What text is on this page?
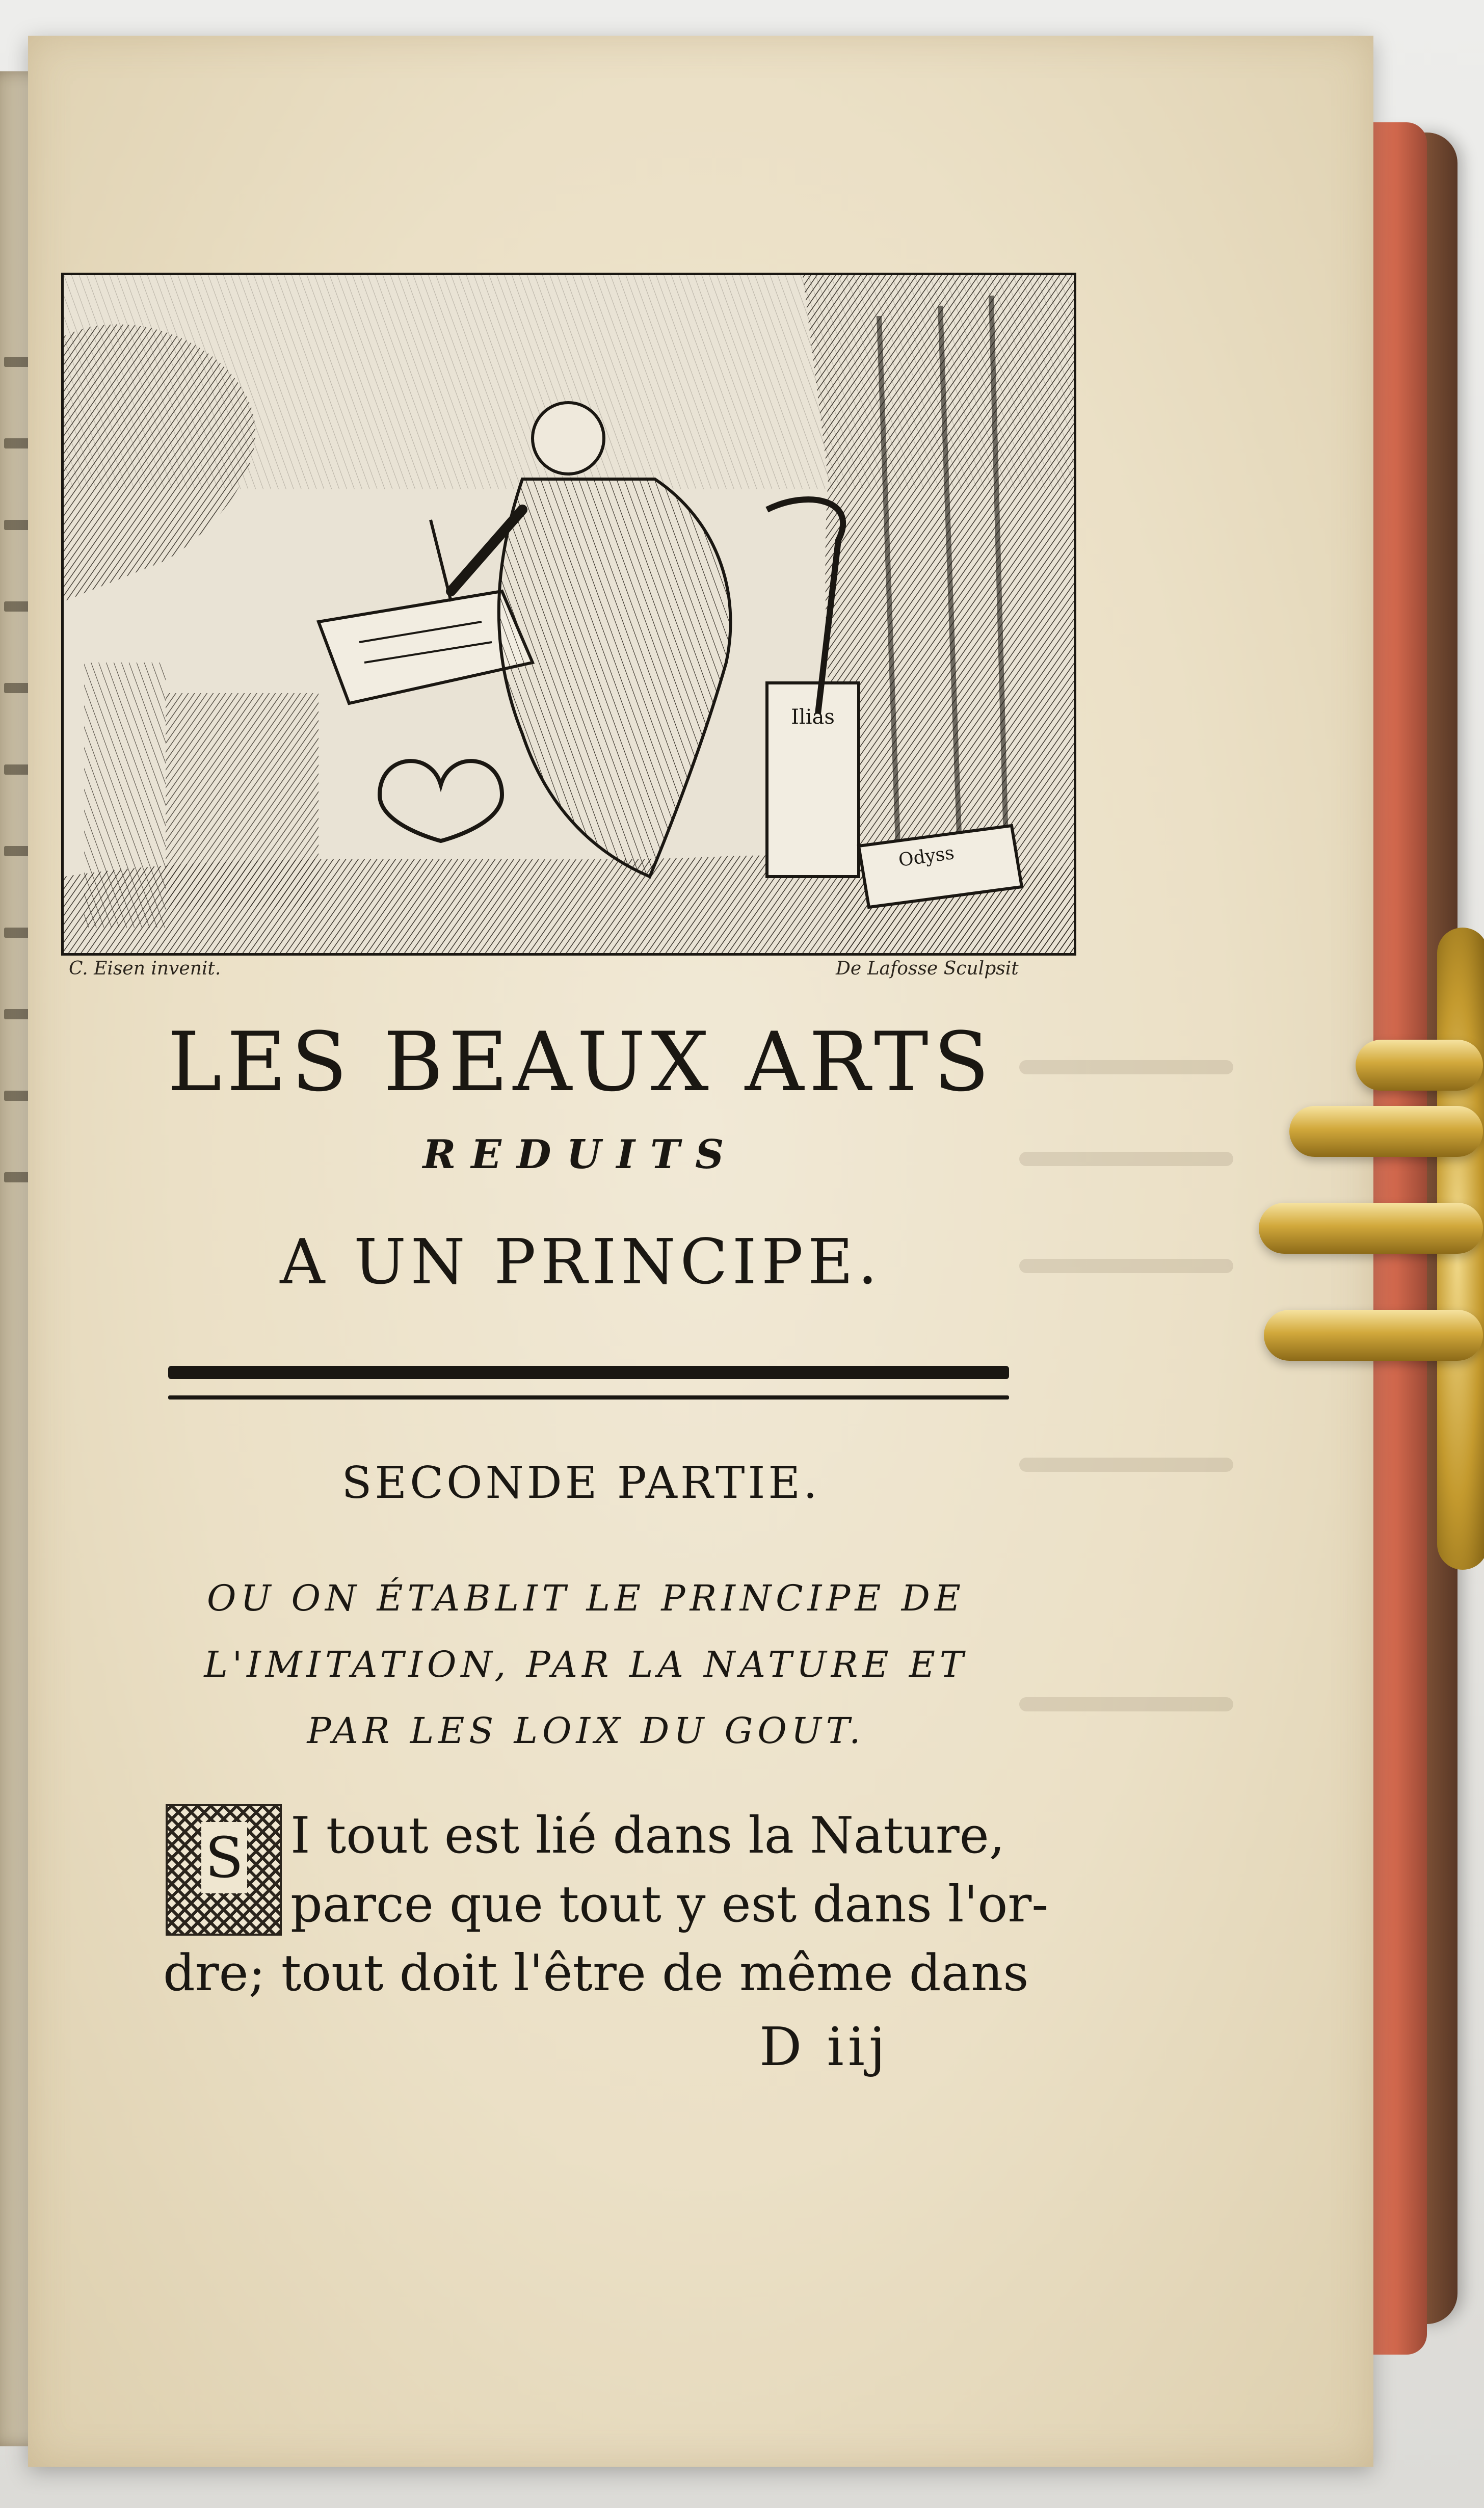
Ilias
Odyss
C. Eisen invenit.	De Lafosse Sculpsit
LES BEAUX ARTS
REDUITS
A UN PRINCIPE.
SECONDE PARTIE.
OU ON ÉTABLIT LE PRINCIPE DE
L'IMITATION, PAR LA NATURE ET
PAR LES LOIX DU GOUT.
S I tout est lié dans la Nature,
parce que tout y est dans l'or-
dre; tout doit l'être de même dans
D iij
